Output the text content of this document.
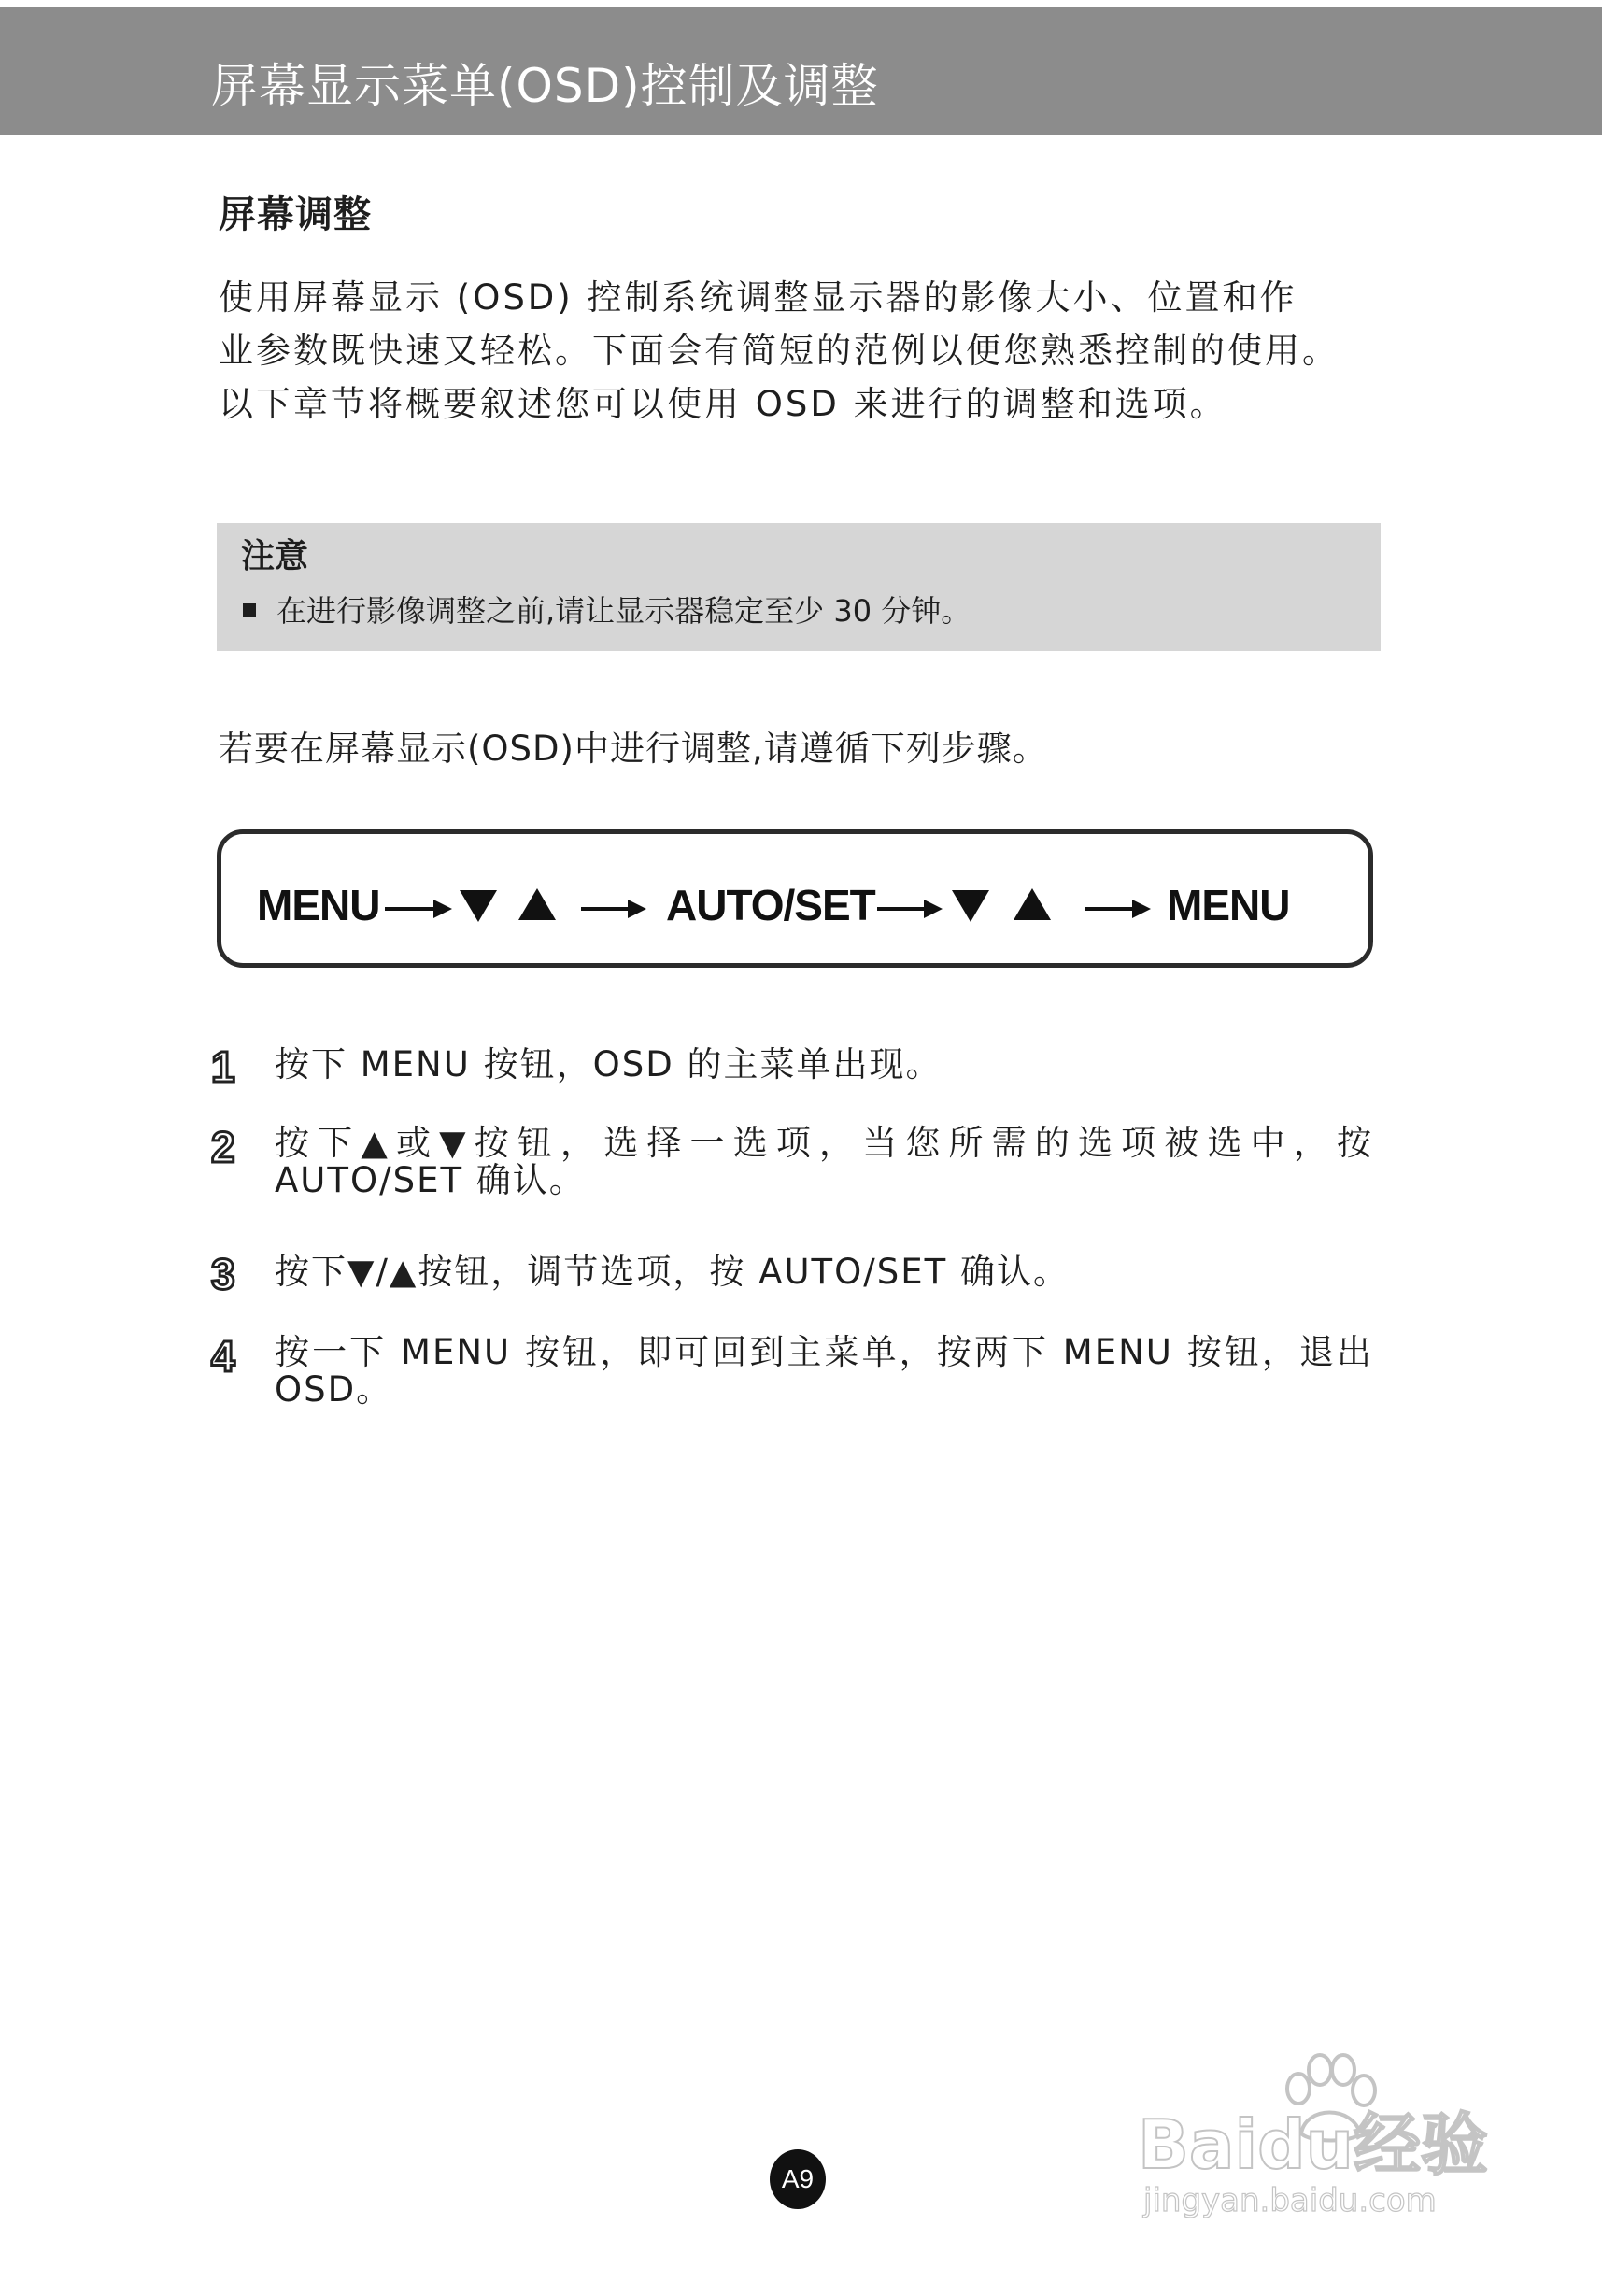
屏幕显示菜单(OSD)控制及调整
屏幕调整

使用屏幕显示 (OSD) 控制系统调整显示器的影像大小、位置和作

业参数既快速又轻松。下面会有简短的范例以便您熟悉控制的使用。

以下章节将概要叙述您可以使用 OSD 来进行的调整和选项。

注意
在进行影像调整之前,请让显示器稳定至少 30 分钟。
若要在屏幕显示(OSD)中进行调整,请遵循下列步骤。
MENU	AUTO/SET	MENU
1 按下 MENU 按钮，OSD 的主菜单出现。
2 按下▲或▼按钮，选择一选项，当您所需的选项被选中，按 AUTO/SET 确认。
3 按下▼/▲按钮，调节选项，按 AUTO/SET 确认。
4 按一下 MENU 按钮，即可回到主菜单，按两下 MENU 按钮，退出 OSD。
A9	Baidu经验
jingyan.baidu.com
